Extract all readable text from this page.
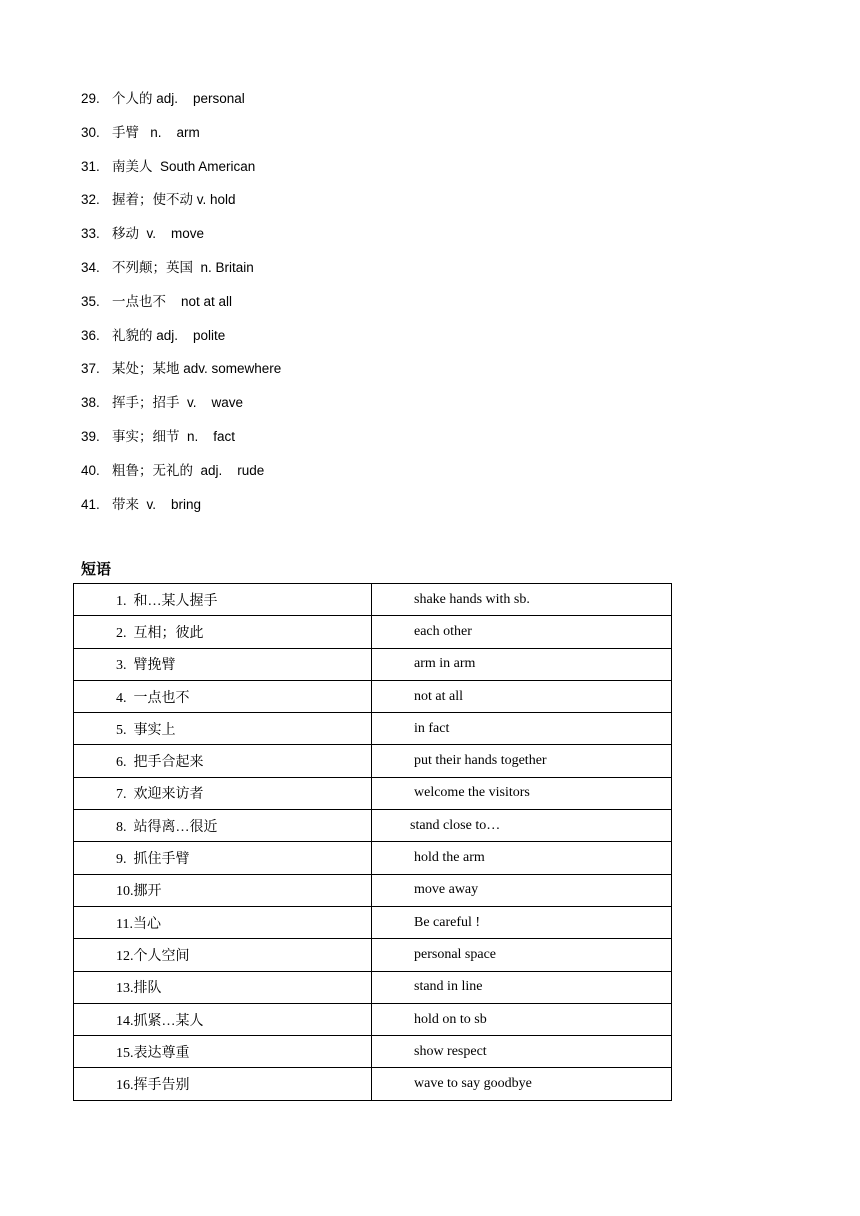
29. 个人的 adj.    personal
30. 手臂   n.    arm
31. 南美人  South American
32. 握着；使不动 v. hold
33. 移动  v.    move
34. 不列颠；英国  n. Britain
35. 一点也不    not at all
36. 礼貌的 adj.    polite
37. 某处；某地 adv. somewhere
38. 挥手；招手  v.    wave
39. 事实；细节  n.    fact
40. 粗鲁；无礼的  adj.    rude
41. 带来  v.    bring
短语
1.  和…某人握手	shake hands with sb.
2.  互相；彼此	each other
3.  臂挽臂	arm in arm
4.  一点也不	not at all
5.  事实上	in fact
6.  把手合起来	put their hands together
7.  欢迎来访者	welcome the visitors
8.  站得离…很近	stand close to…
9.  抓住手臂	hold the arm
10.挪开	move away
11.当心	Be careful !
12.个人空间	personal space
13.排队	stand in line
14.抓紧…某人	hold on to sb
15.表达尊重	show respect
16.挥手告别	wave to say goodbye
